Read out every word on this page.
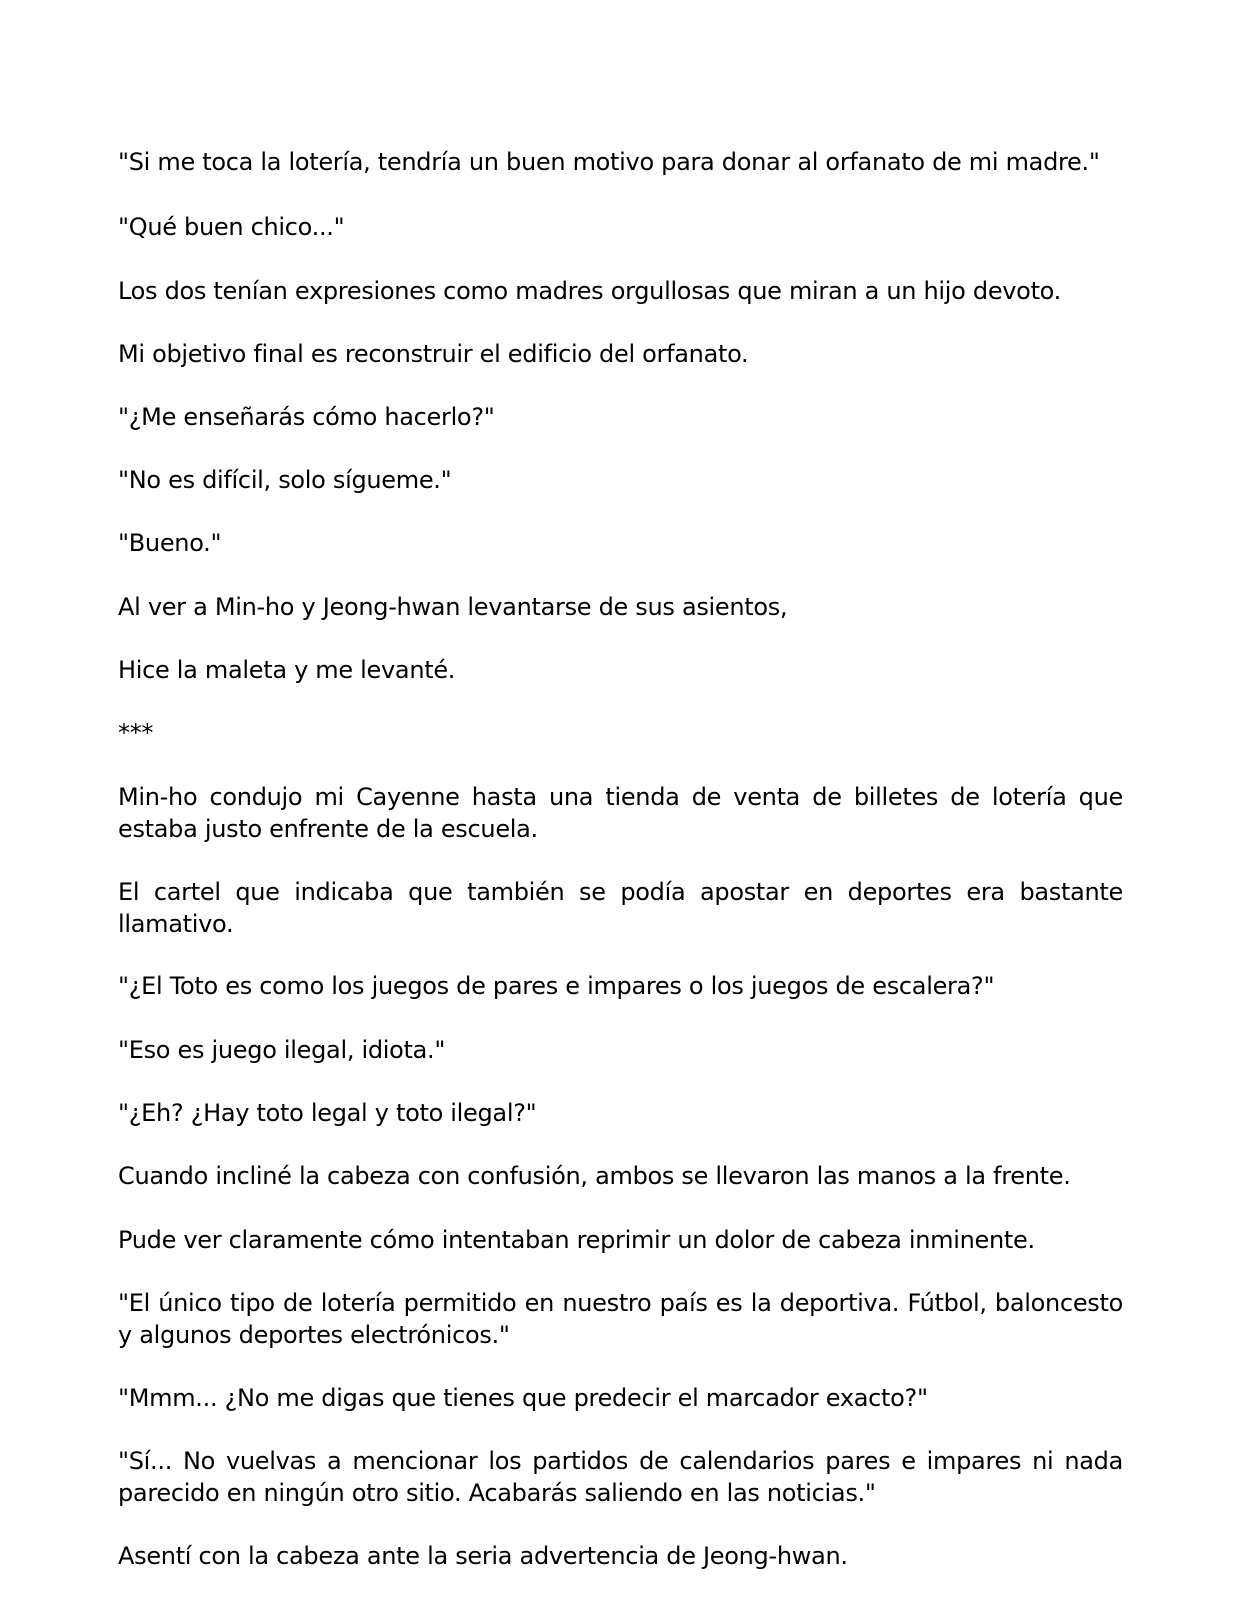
"Si me toca la lotería, tendría un buen motivo para donar al orfanato de mi madre."

"Qué buen chico..."

Los dos tenían expresiones como madres orgullosas que miran a un hijo devoto.

Mi objetivo final es reconstruir el edificio del orfanato.

"¿Me enseñarás cómo hacerlo?"

"No es difícil, solo sígueme."

"Bueno."

Al ver a Min-ho y Jeong-hwan levantarse de sus asientos,

Hice la maleta y me levanté.

***

Min-ho condujo mi Cayenne hasta una tienda de venta de billetes de lotería que estaba justo enfrente de la escuela.

El cartel que indicaba que también se podía apostar en deportes era bastante llamativo.

"¿El Toto es como los juegos de pares e impares o los juegos de escalera?"

"Eso es juego ilegal, idiota."

"¿Eh? ¿Hay toto legal y toto ilegal?"

Cuando incliné la cabeza con confusión, ambos se llevaron las manos a la frente.

Pude ver claramente cómo intentaban reprimir un dolor de cabeza inminente.

"El único tipo de lotería permitido en nuestro país es la deportiva. Fútbol, baloncesto y algunos deportes electrónicos."

"Mmm... ¿No me digas que tienes que predecir el marcador exacto?"

"Sí... No vuelvas a mencionar los partidos de calendarios pares e impares ni nada parecido en ningún otro sitio. Acabarás saliendo en las noticias."

Asentí con la cabeza ante la seria advertencia de Jeong-hwan.
